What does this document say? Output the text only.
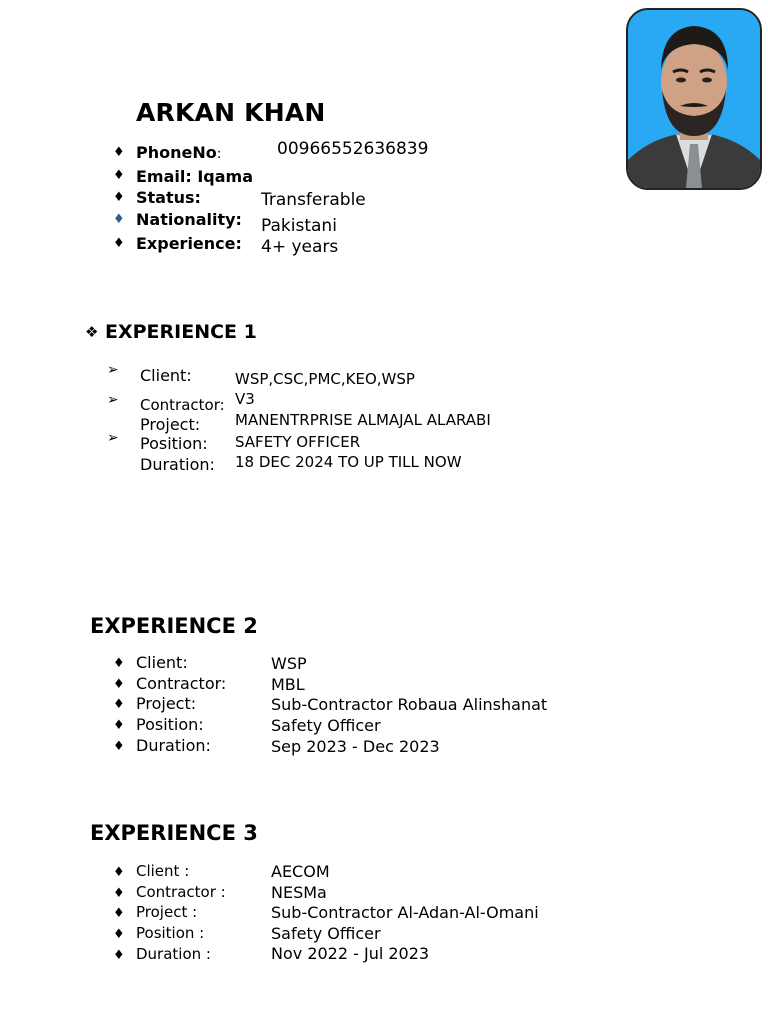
ARKAN KHAN
♦ PhoneNo:	00966552636839
♦ Email: Iqama
♦ Status:	Transferable
♦ Nationality: Pakistani
♦ Experience: 4+ years
❖ EXPERIENCE 1
➢ Client:	WSP,CSC,PMC,KEO,WSP
➢ Contractor: V3
Project: MANENTRPRISE ALMAJAL ALARABI
➢ Position: SAFETY OFFICER
Duration: 18 DEC 2024 TO UP TILL NOW
EXPERIENCE 2
♦ Client:	WSP
♦ Contractor:	MBL
♦ Project:	Sub-Contractor Robaua Alinshanat
♦ Position:	Safety Officer
♦ Duration:	Sep 2023 - Dec 2023
EXPERIENCE 3
♦ Client :	AECOM
♦ Contractor :	NESMa
♦ Project :	Sub-Contractor Al-Adan-Al-Omani
♦ Position :	Safety Officer
♦ Duration :	Nov 2022 - Jul 2023
